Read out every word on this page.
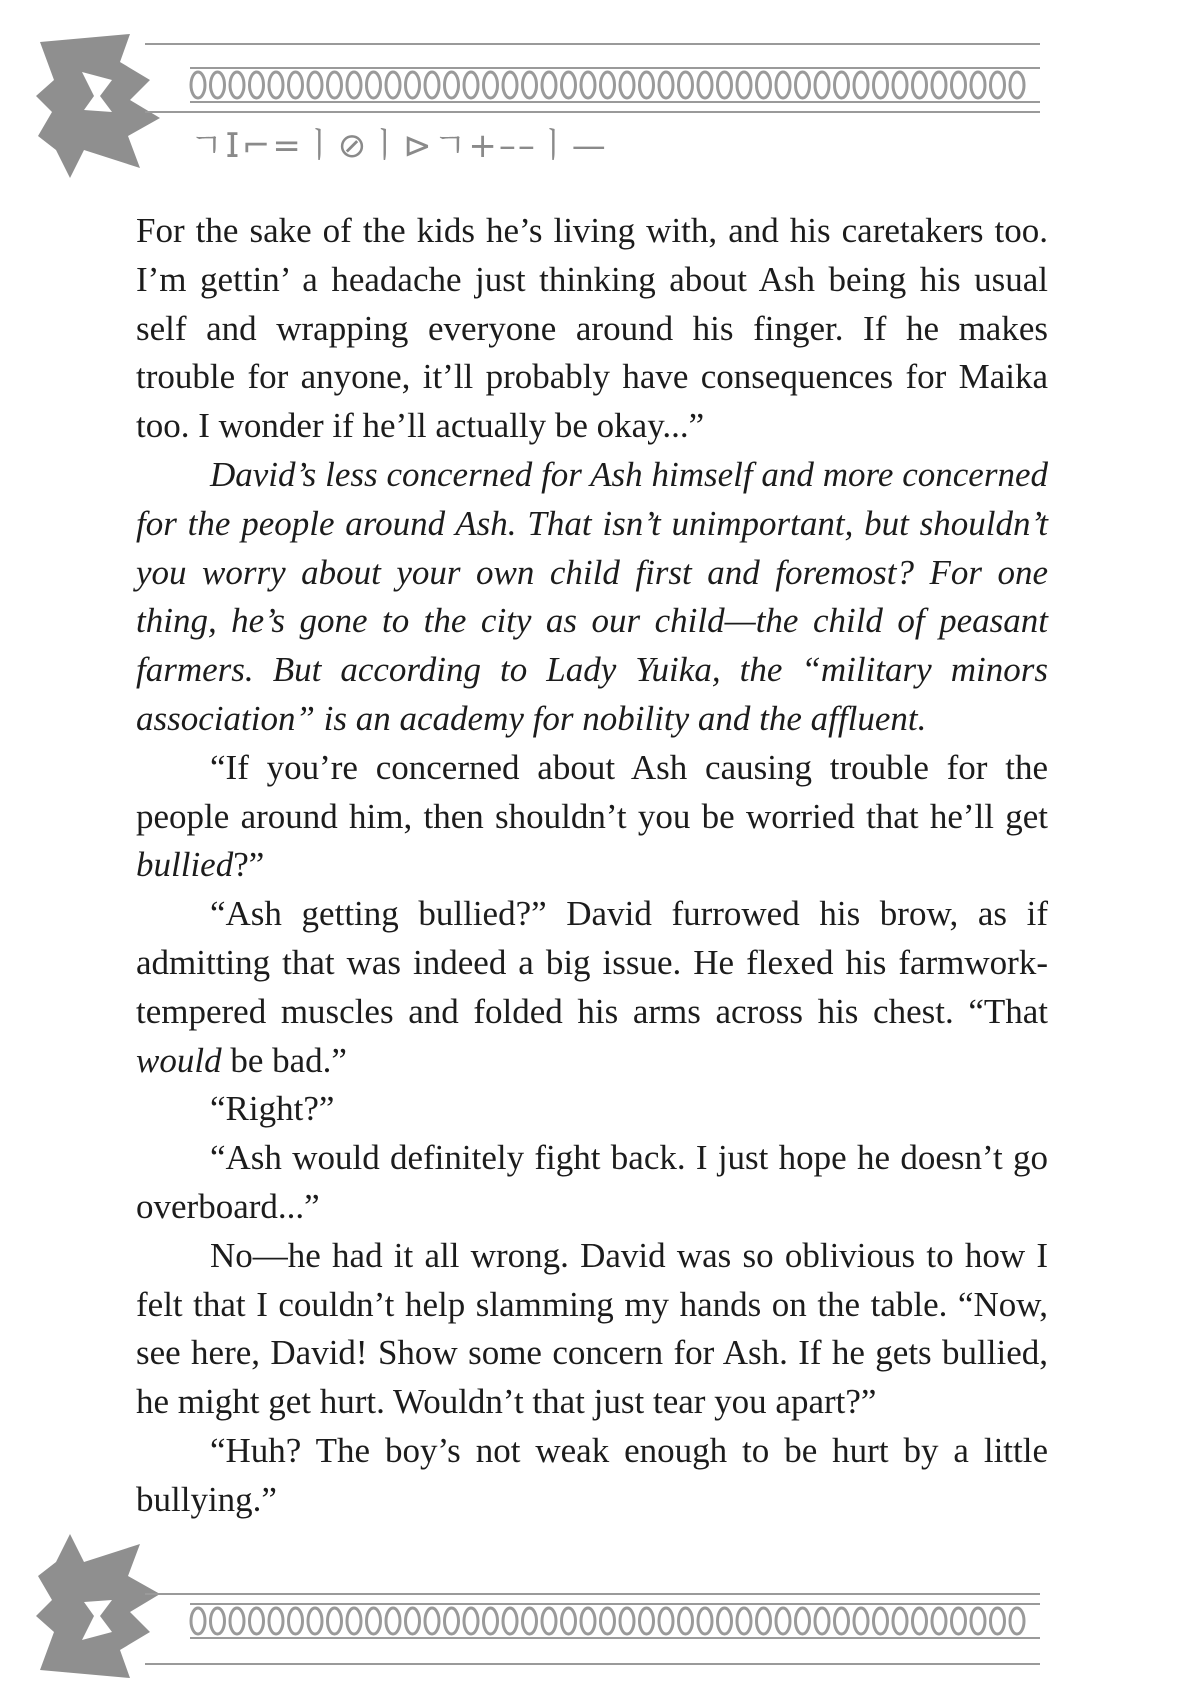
ㄱ𝖨⌐=ㅣ⊘ㅣ⊳ㄱ+––ㅣ—

For the sake of the kids he’s living with, and his caretakers too. I’m gettin’ a headache just thinking about Ash being his usual self and wrapping everyone around his finger. If he makes trouble for anyone, it’ll probably have consequences for Maika too. I wonder if he’ll actually be okay...”

David’s less concerned for Ash himself and more concerned for the people around Ash. That isn’t unimportant, but shouldn’t you worry about your own child first and foremost? For one thing, he’s gone to the city as our child—the child of peasant farmers. But according to Lady Yuika, the “military minors association” is an academy for nobility and the affluent.

“If you’re concerned about Ash causing trouble for the people around him, then shouldn’t you be worried that he’ll get bullied?”

“Ash getting bullied?” David furrowed his brow, as if admitting that was indeed a big issue. He flexed his farmwork-tempered muscles and folded his arms across his chest. “That would be bad.”

“Right?”

“Ash would definitely fight back. I just hope he doesn’t go overboard...”

No—he had it all wrong. David was so oblivious to how I felt that I couldn’t help slamming my hands on the table. “Now, see here, David! Show some concern for Ash. If he gets bullied, he might get hurt. Wouldn’t that just tear you apart?”

“Huh? The boy’s not weak enough to be hurt by a little bullying.”
